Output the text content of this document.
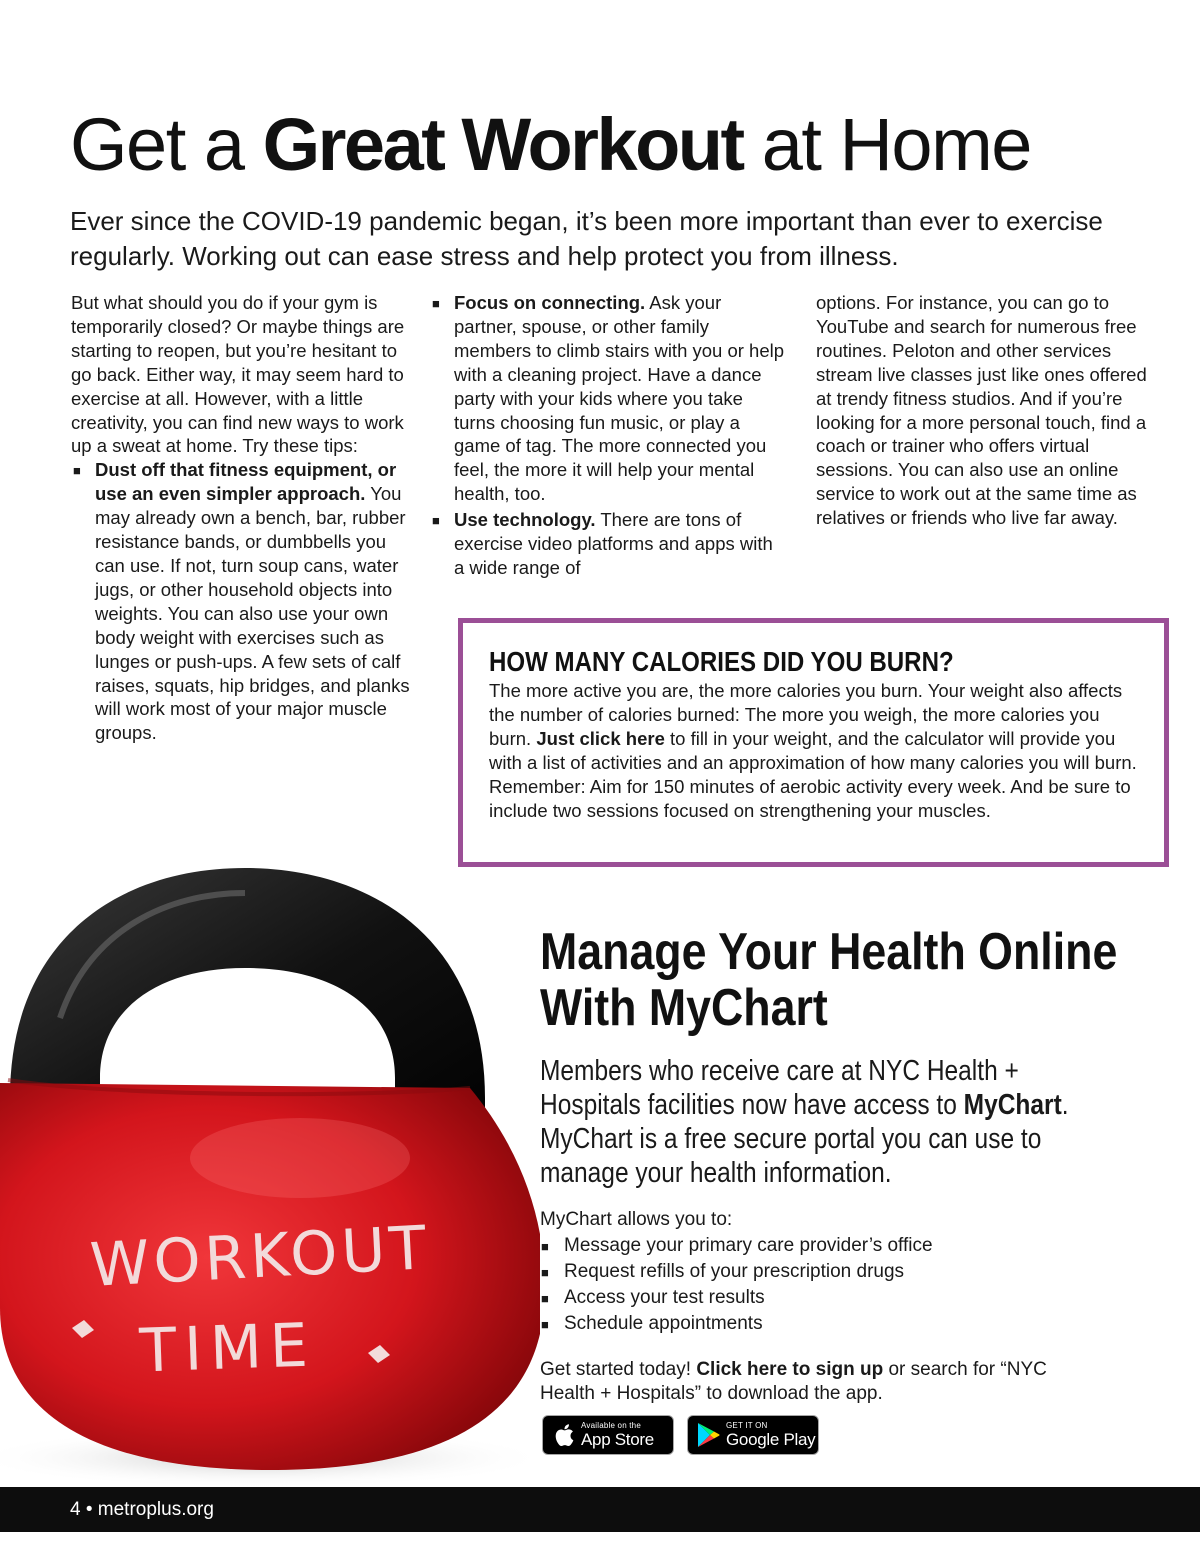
Get a Great Workout at Home

Ever since the COVID-19 pandemic began, it’s been more important than ever to exercise regularly. Working out can ease stress and help protect you from illness.

But what should you do if your gym is temporarily closed? Or maybe things are starting to reopen, but you’re hesitant to go back. Either way, it may seem hard to exercise at all. However, with a little creativity, you can find new ways to work up a sweat at home. Try these tips:

■ Dust off that fitness equipment, or use an even simpler approach. You may already own a bench, bar, rubber resistance bands, or dumbbells you can use. If not, turn soup cans, water jugs, or other household objects into weights. You can also use your own body weight with exercises such as lunges or push-ups. A few sets of calf raises, squats, hip bridges, and planks will work most of your major muscle groups.
■ Focus on connecting. Ask your partner, spouse, or other family members to climb stairs with you or help with a cleaning project. Have a dance party with your kids where you take turns choosing fun music, or play a game of tag. The more connected you feel, the more it will help your mental health, too.
■ Use technology. There are tons of exercise video platforms and apps with a wide range of

options. For instance, you can go to YouTube and search for numerous free routines. Peloton and other services stream live classes just like ones offered at trendy fitness studios. And if you’re looking for a more personal touch, find a coach or trainer who offers virtual sessions. You can also use an online service to work out at the same time as relatives or friends who live far away.

HOW MANY CALORIES DID YOU BURN?

The more active you are, the more calories you burn. Your weight also affects the number of calories burned: The more you weigh, the more calories you burn. Just click here to fill in your weight, and the calculator will provide you with a list of activities and an approximation of how many calories you will burn. Remember: Aim for 150 minutes of aerobic activity every week. And be sure to include two sessions focused on strengthening your muscles.

WORKOUT
TIME
Manage Your Health Online
With MyChart

Members who receive care at NYC Health + Hospitals facilities now have access to MyChart. MyChart is a free secure portal you can use to manage your health information.

MyChart allows you to:

■ Message your primary care provider’s office
■ Request refills of your prescription drugs
■ Access your test results
■ Schedule appointments

Get started today! Click here to sign up or search for “NYC Health + Hospitals” to download the app.

Available on the
App Store
GET IT ON
Google Play
4 • metroplus.org
